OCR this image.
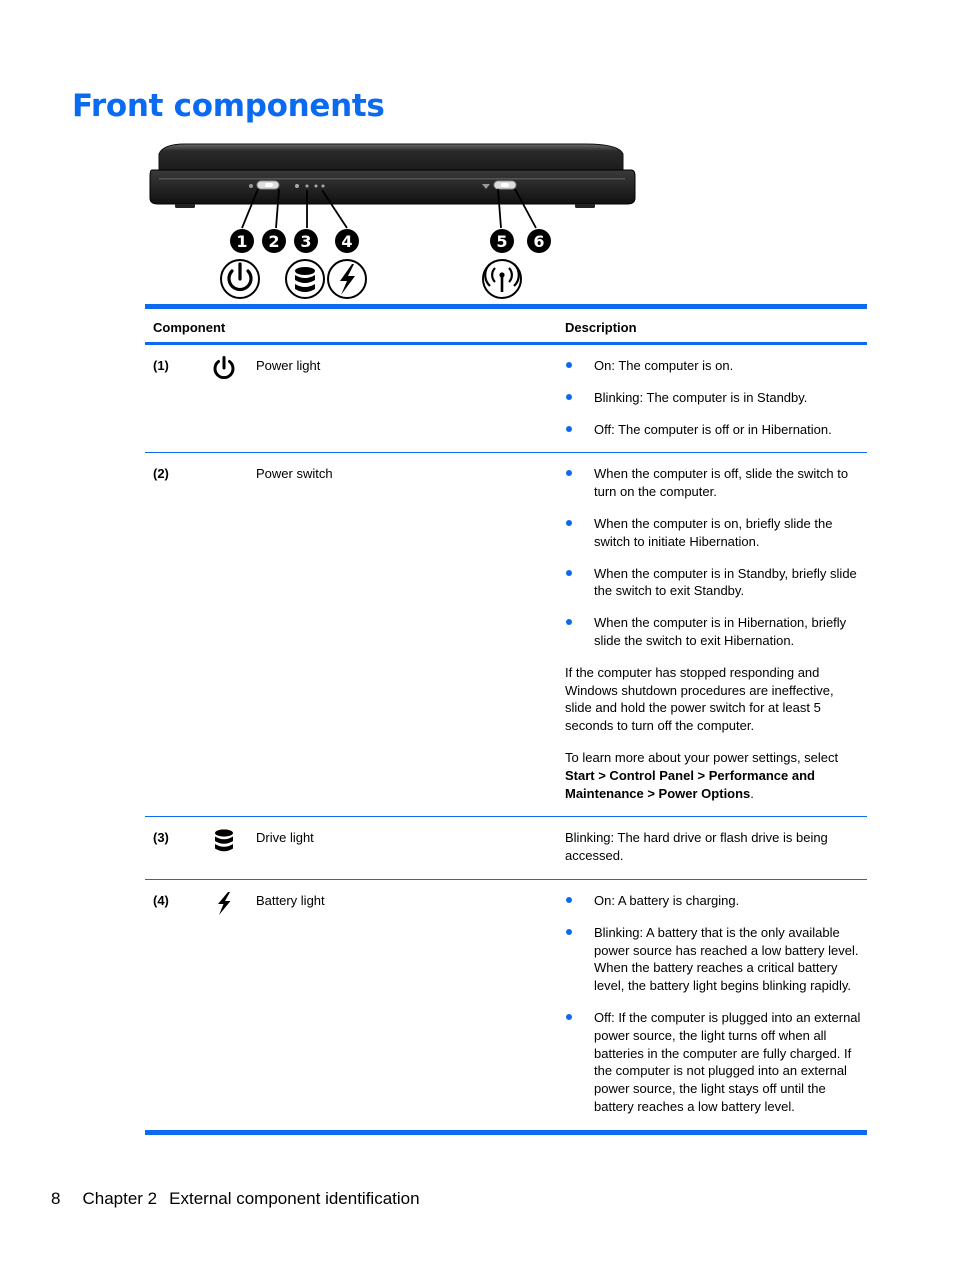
Front components
1 2 3 4	5 6
Component	Description
(1)	Power light	On: The computer is on.
Blinking: The computer is in Standby.
Off: The computer is off or in Hibernation.
(2)	Power switch	When the computer is off, slide the switch to turn on the computer.
When the computer is on, briefly slide the switch to initiate Hibernation.
When the computer is in Standby, briefly slide the switch to exit Standby.
When the computer is in Hibernation, briefly slide the switch to exit Hibernation.

If the computer has stopped responding and Windows shutdown procedures are ineffective, slide and hold the power switch for at least 5 seconds to turn off the computer.

To learn more about your power settings, select Start > Control Panel > Performance and Maintenance > Power Options.

(3)	Drive light	Blinking: The hard drive or flash drive is being accessed.

(4)	Battery light	On: A battery is charging.
Blinking: A battery that is the only available power source has reached a low battery level. When the battery reaches a critical battery level, the battery light begins blinking rapidly.
Off: If the computer is plugged into an external power source, the light turns off when all batteries in the computer are fully charged. If the computer is not plugged into an external power source, the light stays off until the battery reaches a low battery level.
8 Chapter 2 External component identification
